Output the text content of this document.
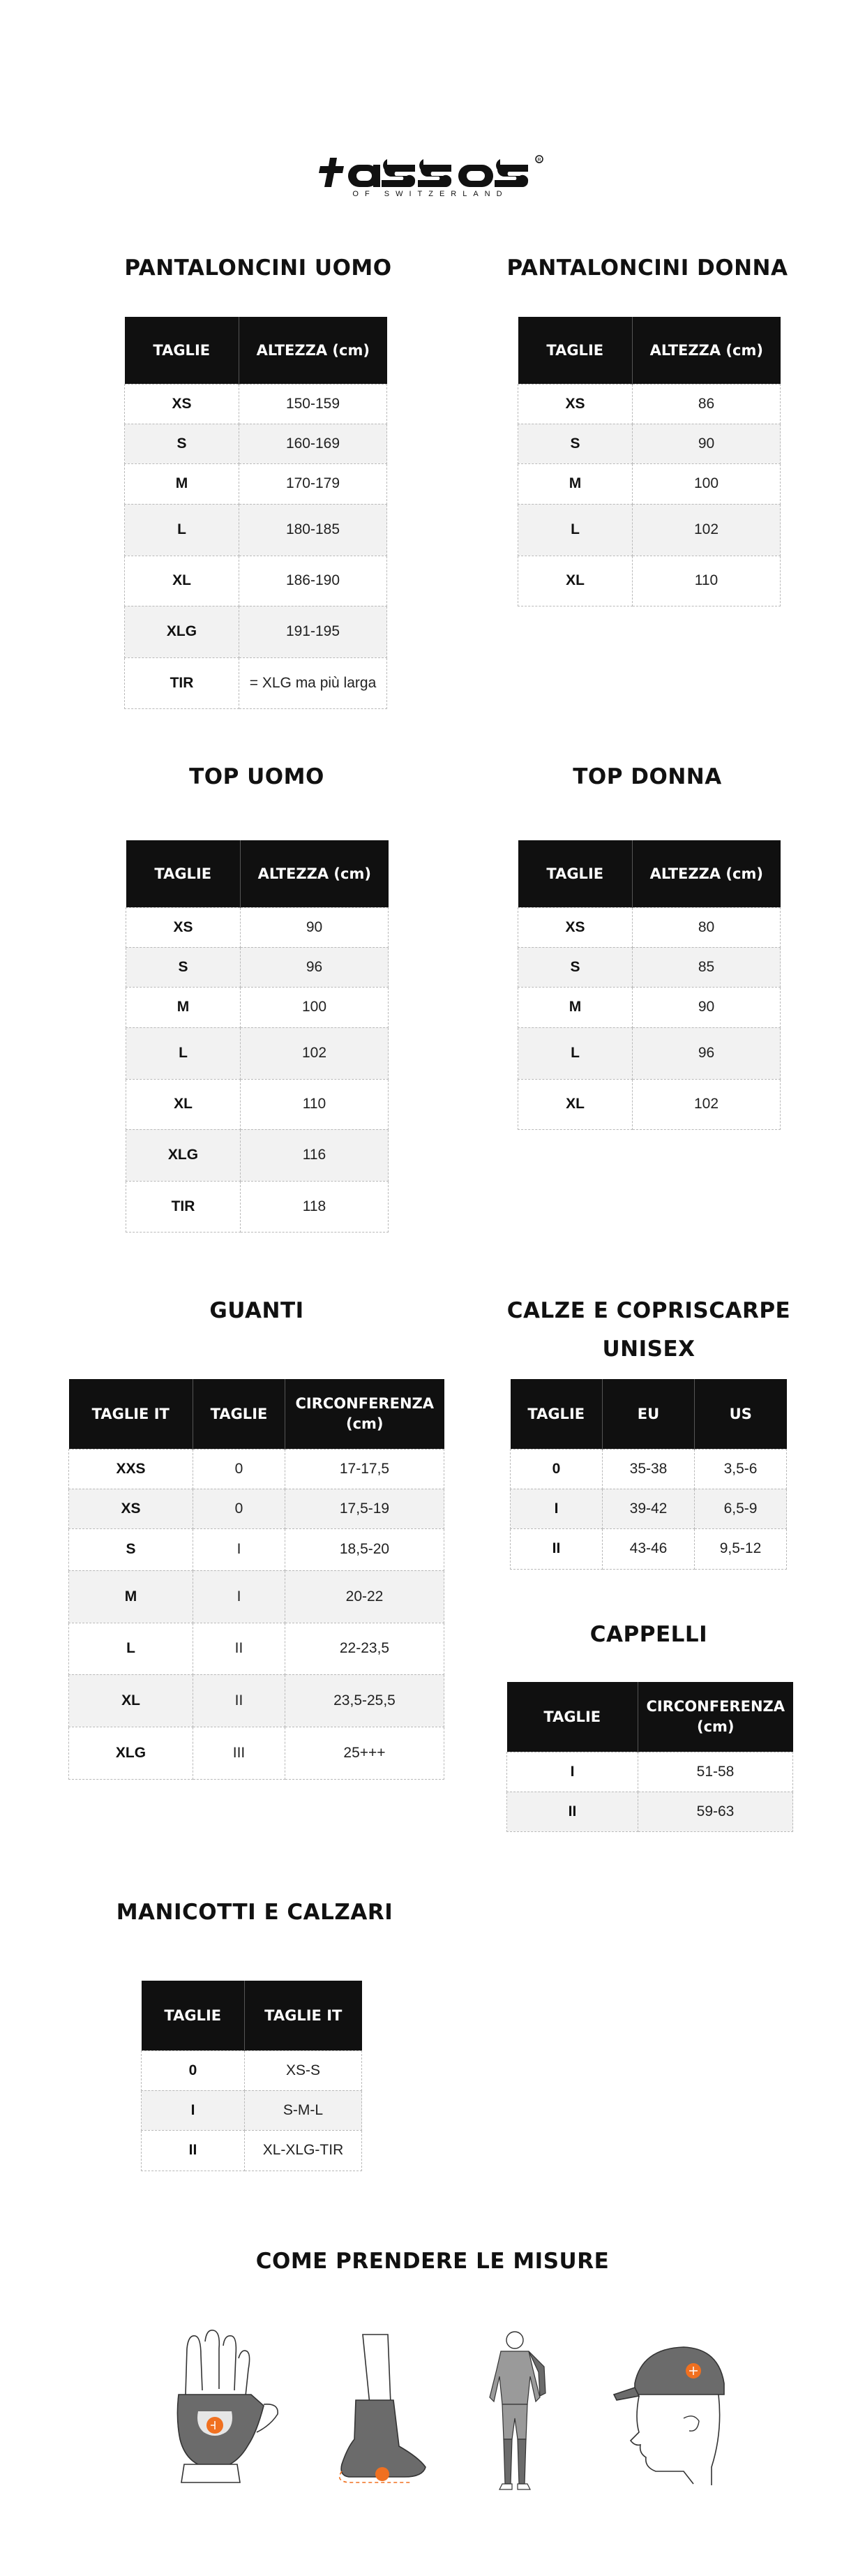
R
OF SWITZERLAND
PANTALONCINI UOMO
TAGLIE	ALTEZZA (cm)
XS	150-159
S	160-169
M	170-179
L	180-185
XL	186-190
XLG	191-195
TIR	= XLG ma più larga
PANTALONCINI DONNA
TAGLIE	ALTEZZA (cm)
XS	86
S	90
M	100
L	102
XL	110
TOP UOMO
TAGLIE	ALTEZZA (cm)
XS	90
S	96
M	100
L	102
XL	110
XLG	116
TIR	118
TOP DONNA
TAGLIE	ALTEZZA (cm)
XS	80
S	85
M	90
L	96
XL	102
GUANTI
TAGLIE IT	TAGLIE	CIRCONFERENZA (cm)
XXS	0	17-17,5
XS	0	17,5-19
S	I	18,5-20
M	I	20-22
L	II	22-23,5
XL	II	23,5-25,5
XLG	III	25+++
CALZE E COPRISCARPE
UNISEX
TAGLIE	EU	US
0	35-38	3,5-6
I	39-42	6,5-9
II	43-46	9,5-12
CAPPELLI
TAGLIE	CIRCONFERENZA (cm)
I	51-58
II	59-63
MANICOTTI E CALZARI
TAGLIE	TAGLIE IT
0	XS-S
I	S-M-L
II	XL-XLG-TIR
COME PRENDERE LE MISURE
